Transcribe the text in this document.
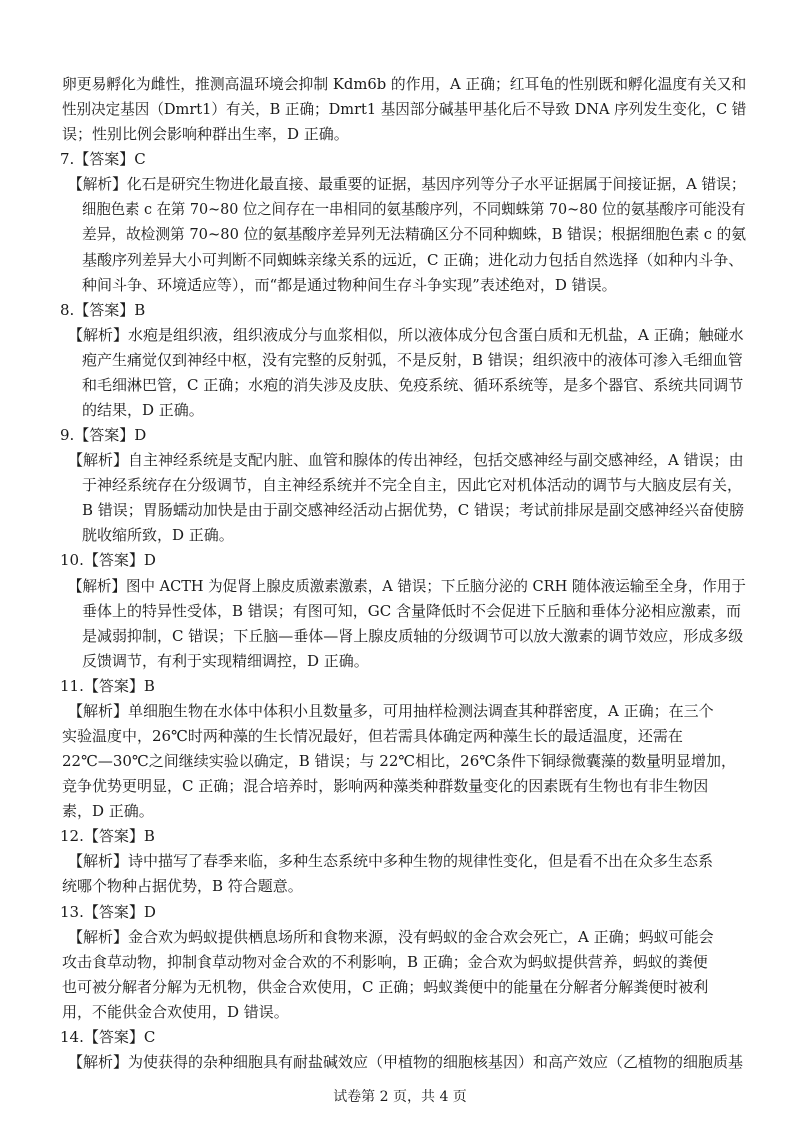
卵更易孵化为雌性，推测高温环境会抑制 Kdm6b 的作用，A 正确；红耳龟的性别既和孵化温度有关又和
性别决定基因（Dmrt1）有关，B 正确；Dmrt1 基因部分碱基甲基化后不导致 DNA 序列发生变化，C 错
误；性别比例会影响种群出生率，D 正确。
7.【答案】C
【解析】化石是研究生物进化最直接、最重要的证据，基因序列等分子水平证据属于间接证据，A 错误；
细胞色素 c 在第 70~80 位之间存在一串相同的氨基酸序列，不同蜘蛛第 70~80 位的氨基酸序可能没有
差异，故检测第 70~80 位的氨基酸序差异列无法精确区分不同种蜘蛛，B 错误；根据细胞色素 c 的氨
基酸序列差异大小可判断不同蜘蛛亲缘关系的远近，C 正确；进化动力包括自然选择（如种内斗争、
种间斗争、环境适应等），而“都是通过物种间生存斗争实现”表述绝对，D 错误。
8.【答案】B
【解析】水疱是组织液，组织液成分与血浆相似，所以液体成分包含蛋白质和无机盐，A 正确；触碰水
疱产生痛觉仅到神经中枢，没有完整的反射弧，不是反射，B 错误；组织液中的液体可渗入毛细血管
和毛细淋巴管，C 正确；水疱的消失涉及皮肤、免疫系统、循环系统等，是多个器官、系统共同调节
的结果，D 正确。
9.【答案】D
【解析】自主神经系统是支配内脏、血管和腺体的传出神经，包括交感神经与副交感神经，A 错误；由
于神经系统存在分级调节，自主神经系统并不完全自主，因此它对机体活动的调节与大脑皮层有关，
B 错误；胃肠蠕动加快是由于副交感神经活动占据优势，C 错误；考试前排尿是副交感神经兴奋使膀
胱收缩所致，D 正确。
10.【答案】D
【解析】图中 ACTH 为促肾上腺皮质激素激素，A 错误；下丘脑分泌的 CRH 随体液运输至全身，作用于
垂体上的特异性受体，B 错误；有图可知，GC 含量降低时不会促进下丘脑和垂体分泌相应激素，而
是减弱抑制，C 错误；下丘脑—垂体—肾上腺皮质轴的分级调节可以放大激素的调节效应，形成多级
反馈调节，有利于实现精细调控，D 正确。
11.【答案】B
【解析】单细胞生物在水体中体积小且数量多，可用抽样检测法调查其种群密度，A 正确；在三个
实验温度中，26℃时两种藻的生长情况最好，但若需具体确定两种藻生长的最适温度，还需在
22℃—30℃之间继续实验以确定，B 错误；与 22℃相比，26℃条件下铜绿微囊藻的数量明显增加，
竞争优势更明显，C 正确；混合培养时，影响两种藻类种群数量变化的因素既有生物也有非生物因
素，D 正确。
12.【答案】B
【解析】诗中描写了春季来临，多种生态系统中多种生物的规律性变化，但是看不出在众多生态系
统哪个物种占据优势，B 符合题意。
13.【答案】D
【解析】金合欢为蚂蚁提供栖息场所和食物来源，没有蚂蚁的金合欢会死亡，A 正确；蚂蚁可能会
攻击食草动物，抑制食草动物对金合欢的不利影响，B 正确；金合欢为蚂蚁提供营养，蚂蚁的粪便
也可被分解者分解为无机物，供金合欢使用，C 正确；蚂蚁粪便中的能量在分解者分解粪便时被利
用，不能供金合欢使用，D 错误。
14.【答案】C
【解析】为使获得的杂种细胞具有耐盐碱效应（甲植物的细胞核基因）和高产效应（乙植物的细胞质基
试卷第 2 页，共 4 页
